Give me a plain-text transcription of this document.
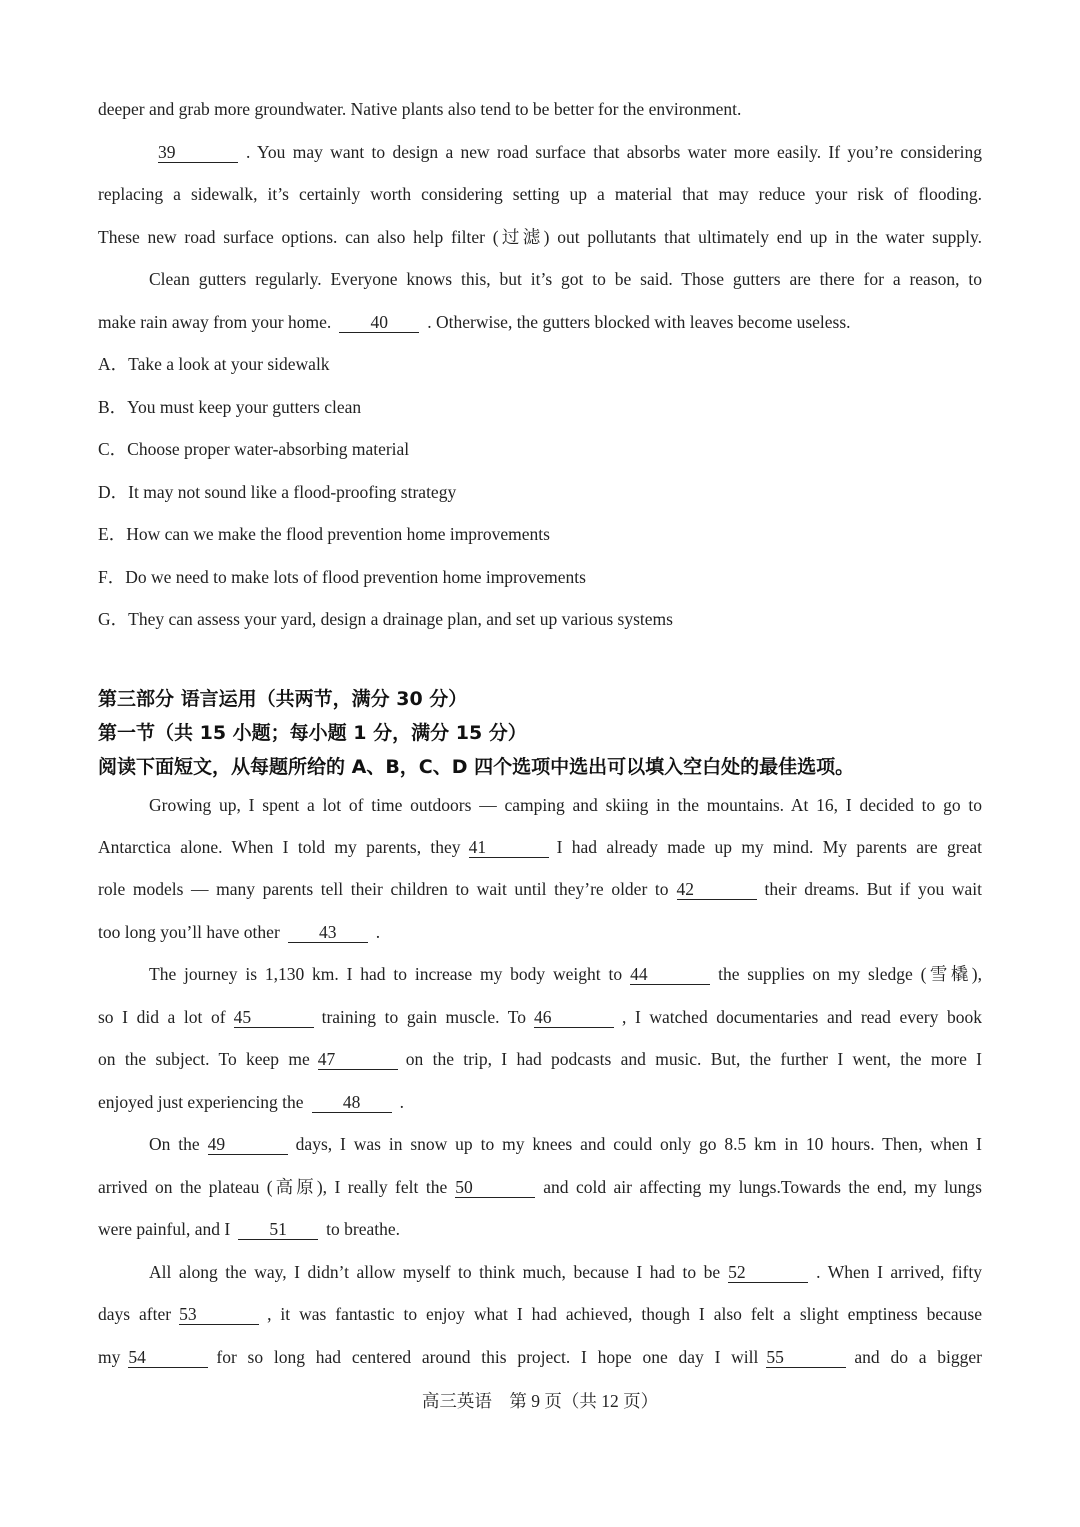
deeper and grab more groundwater. Native plants also tend to be better for the environment.
39	. You may want to design a new road surface that absorbs water more easily. If you’re considering
replacing a sidewalk, it’s certainly worth considering setting up a material that may reduce your risk of flooding.
These new road surface options. can also help filter (过滤) out pollutants that ultimately end up in the water supply.
Clean gutters regularly. Everyone knows this, but it’s got to be said. Those gutters are there for a reason, to
make rain away from your home. 40 . Otherwise, the gutters blocked with leaves become useless.
A．Take a look at your sidewalk
B．You must keep your gutters clean
C．Choose proper water-absorbing material
D．It may not sound like a flood-proofing strategy
E．How can we make the flood prevention home improvements
F．Do we need to make lots of flood prevention home improvements
G．They can assess your yard, design a drainage plan, and set up various systems
第三部分 语言运用（共两节，满分 30 分）
第一节（共 15 小题；每小题 1 分，满分 15 分）
阅读下面短文，从每题所给的 A、B，C、D 四个选项中选出可以填入空白处的最佳选项。
Growing up, I spent a lot of time outdoors — camping and skiing in the mountains. At 16, I decided to go to
Antarctica alone. When I told my parents, they 41	I had already made up my mind. My parents are great
role models — many parents tell their children to wait until they’re older to 42	their dreams. But if you wait
too long you’ll have other 43 .
The journey is 1,130 km. I had to increase my body weight to 44	the supplies on my sledge (雪橇),
so I did a lot of 45	training to gain muscle. To 46	, I watched documentaries and read every book
on the subject. To keep me 47	on the trip, I had podcasts and music. But, the further I went, the more I
enjoyed just experiencing the 48 .
On the 49	days, I was in snow up to my knees and could only go 8.5 km in 10 hours. Then, when I
arrived on the plateau (高原), I really felt the 50	and cold air affecting my lungs.Towards the end, my lungs
were painful, and I 51 to breathe.
All along the way, I didn’t allow myself to think much, because I had to be 52	. When I arrived, fifty
days after 53	, it was fantastic to enjoy what I had achieved, though I also felt a slight emptiness because
my 54	for so long had centered around this project. I hope one day I will 55	and do a bigger
高三英语　第 9 页（共 12 页）
